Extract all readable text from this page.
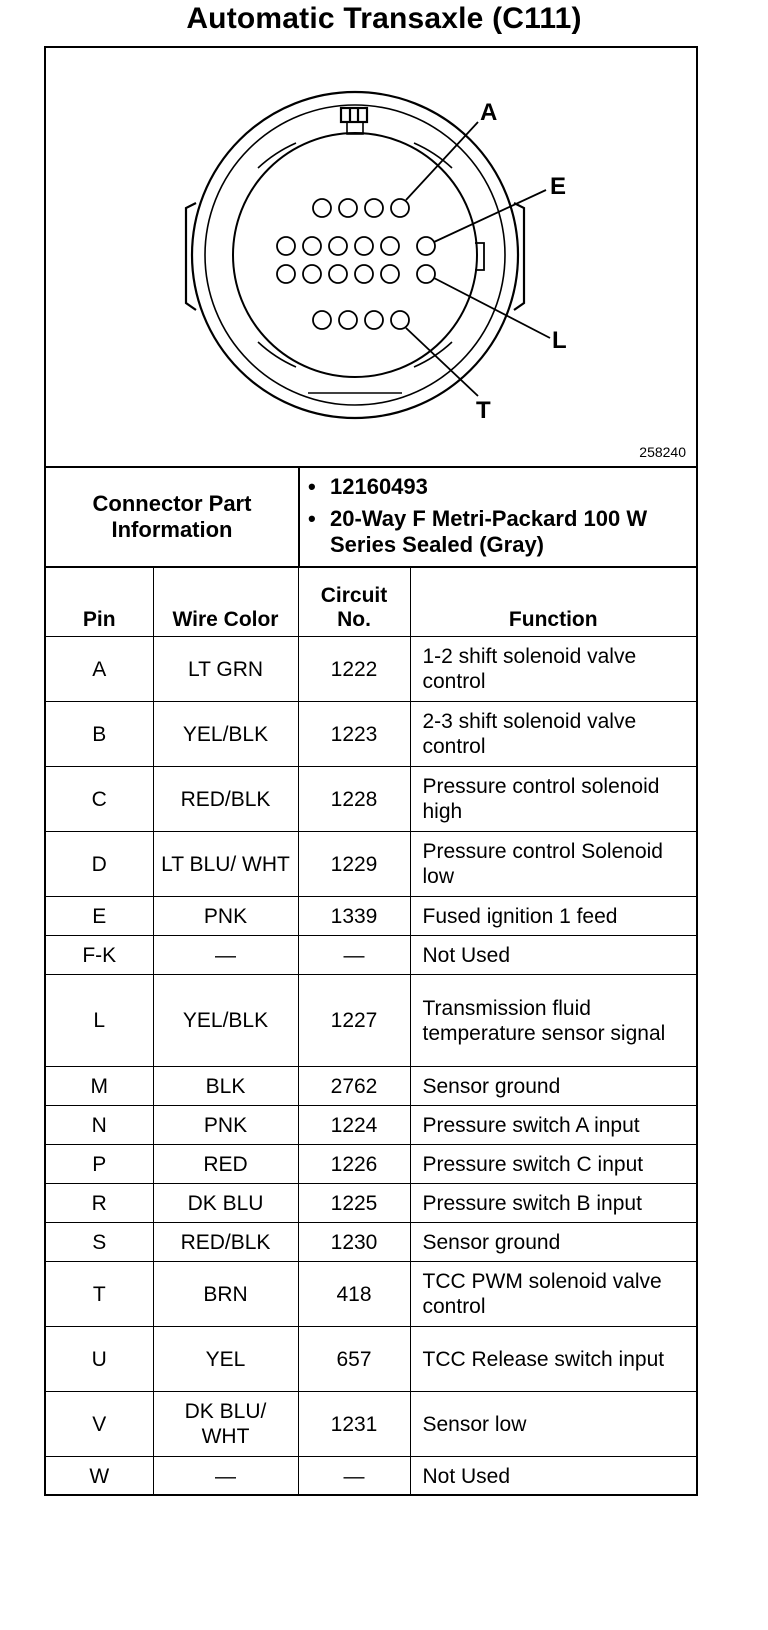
Automatic Transaxle (C111)
A
E
L
T
258240
Connector Part Information
• 12160493
• 20-Way F Metri-Packard 100 W Series Sealed (Gray)
Pin	Wire Color	Circuit No.	Function
A	LT GRN	1222	1-2 shift solenoid valve control
B	YEL/BLK	1223	2-3 shift solenoid valve control
C	RED/BLK	1228	Pressure control solenoid high
D	LT BLU/ WHT	1229	Pressure control Solenoid low
E	PNK	1339	Fused ignition 1 feed
F-K	—	—	Not Used
L	YEL/BLK	1227	Transmission fluid temperature sensor signal
M	BLK	2762	Sensor ground
N	PNK	1224	Pressure switch A input
P	RED	1226	Pressure switch C input
R	DK BLU	1225	Pressure switch B input
S	RED/BLK	1230	Sensor ground
T	BRN	418	TCC PWM solenoid valve control
U	YEL	657	TCC Release switch input
V	DK BLU/ WHT	1231	Sensor low
W	—	—	Not Used
